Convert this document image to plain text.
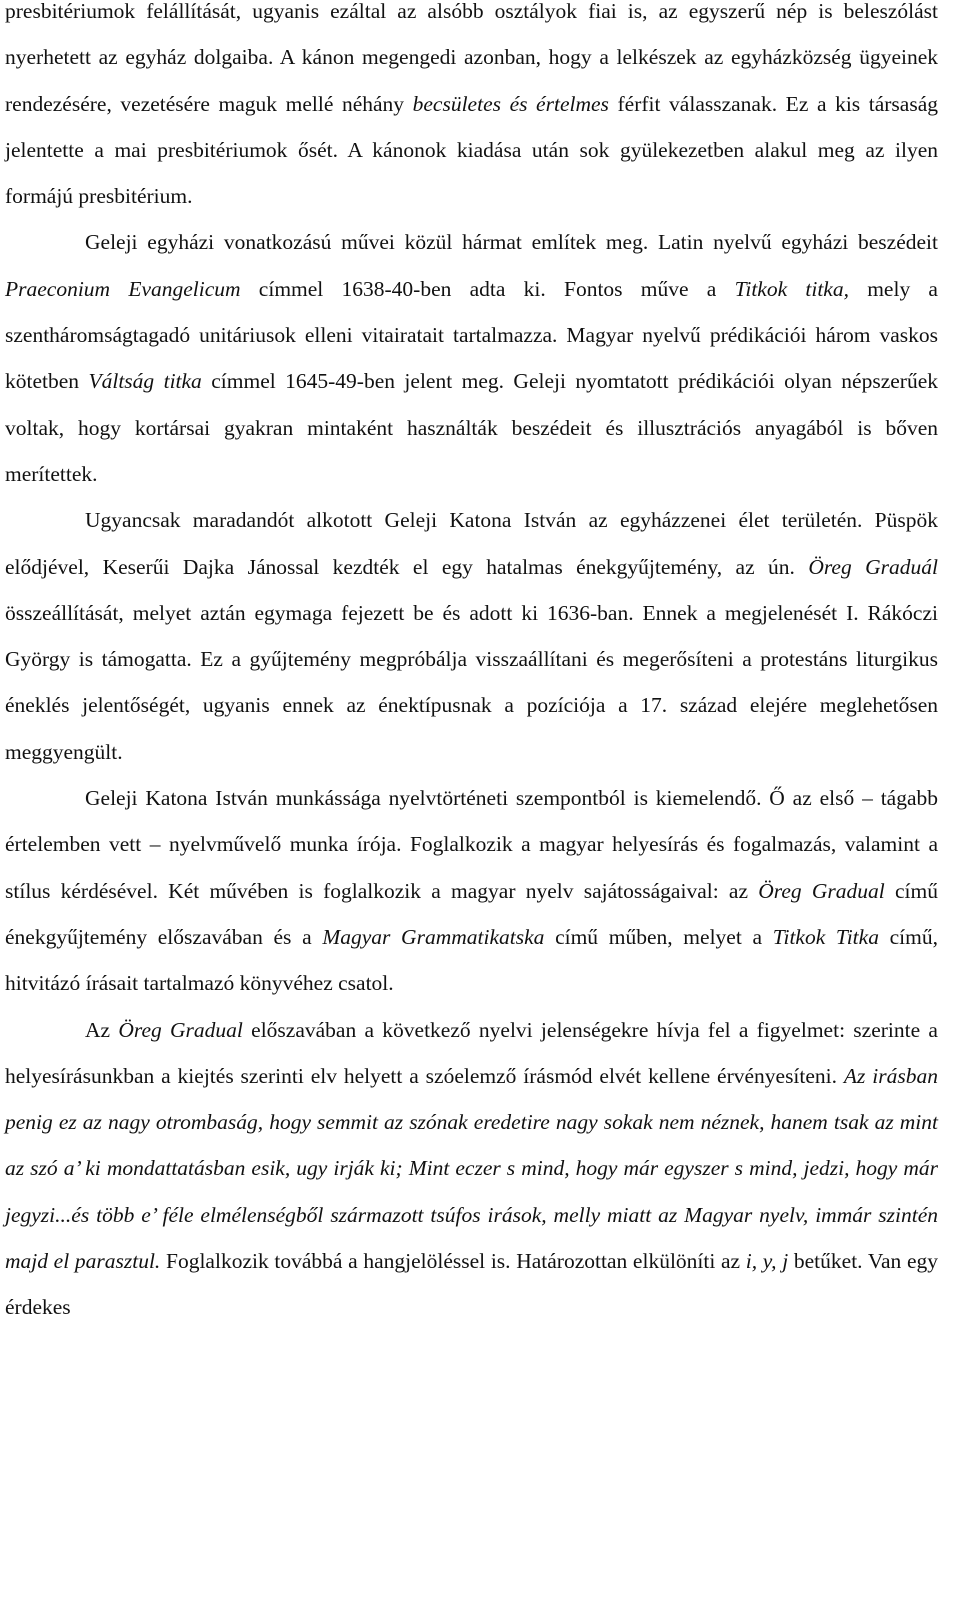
presbitériumok felállítását, ugyanis ezáltal az alsóbb osztályok fiai is, az egyszerű nép is beleszólást nyerhetett az egyház dolgaiba. A kánon megengedi azonban, hogy a lelkészek az egyházközség ügyeinek rendezésére, vezetésére maguk mellé néhány becsületes és értelmes férfit válasszanak. Ez a kis társaság jelentette a mai presbitériumok ősét. A kánonok kiadása után sok gyülekezetben alakul meg az ilyen formájú presbitérium.

Geleji egyházi vonatkozású művei közül hármat említek meg. Latin nyelvű egyházi beszédeit Praeconium Evangelicum címmel 1638-40-ben adta ki. Fontos műve a Titkok titka, mely a szentháromságtagadó unitáriusok elleni vitairatait tartalmazza. Magyar nyelvű prédikációi három vaskos kötetben Váltság titka címmel 1645-49-ben jelent meg. Geleji nyomtatott prédikációi olyan népszerűek voltak, hogy kortársai gyakran mintaként használták beszédeit és illusztrációs anyagából is bőven merítettek.

Ugyancsak maradandót alkotott Geleji Katona István az egyházzenei élet területén. Püspök elődjével, Keserűi Dajka Jánossal kezdték el egy hatalmas énekgyűjtemény, az ún. Öreg Graduál összeállítását, melyet aztán egymaga fejezett be és adott ki 1636-ban. Ennek a megjelenését I. Rákóczi György is támogatta. Ez a gyűjtemény megpróbálja visszaállítani és megerősíteni a protestáns liturgikus éneklés jelentőségét, ugyanis ennek az énektípusnak a pozíciója a 17. század elejére meglehetősen meggyengült.

Geleji Katona István munkássága nyelvtörténeti szempontból is kiemelendő. Ő az első – tágabb értelemben vett – nyelvművelő munka írója. Foglalkozik a magyar helyesírás és fogalmazás, valamint a stílus kérdésével. Két művében is foglalkozik a magyar nyelv sajátosságaival: az Öreg Gradual című énekgyűjtemény előszavában és a Magyar Grammatikatska című műben, melyet a Titkok Titka című, hitvitázó írásait tartalmazó könyvéhez csatol.

Az Öreg Gradual előszavában a következő nyelvi jelenségekre hívja fel a figyelmet: szerinte a helyesírásunkban a kiejtés szerinti elv helyett a szóelemző írásmód elvét kellene érvényesíteni. Az irásban penig ez az nagy otrombaság, hogy semmit az szónak eredetire nagy sokak nem néznek, hanem tsak az mint az szó a’ ki mondattatásban esik, ugy irják ki; Mint eczer s mind, hogy már egyszer s mind, jedzi, hogy már jegyzi...és több e’ féle elmélenségből származott tsúfos irások, melly miatt az Magyar nyelv, immár szintén majd el parasztul. Foglalkozik továbbá a hangjelöléssel is. Határozottan elkülöníti az i, y, j betűket. Van egy érdekes
